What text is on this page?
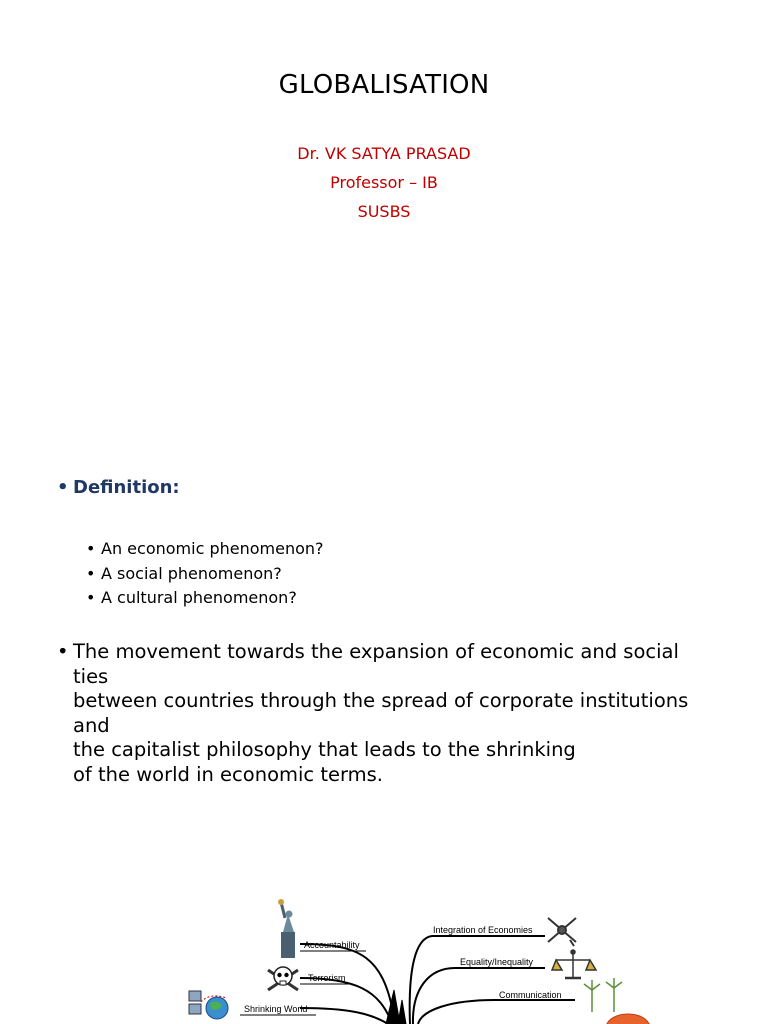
GLOBALISATION
Dr. VK SATYA PRASAD
Professor – IB
SUSBS
• Definition:
• An economic phenomenon?
• A social phenomenon?
• A cultural phenomenon?
• The movement towards the expansion of economic and social ties
between countries through the spread of corporate institutions and
the capitalist philosophy that leads to the shrinking
of the world in economic terms.
Accountability
Terrorism
Shrinking World
Integration of Economies
Equality/Inequality
Communication
